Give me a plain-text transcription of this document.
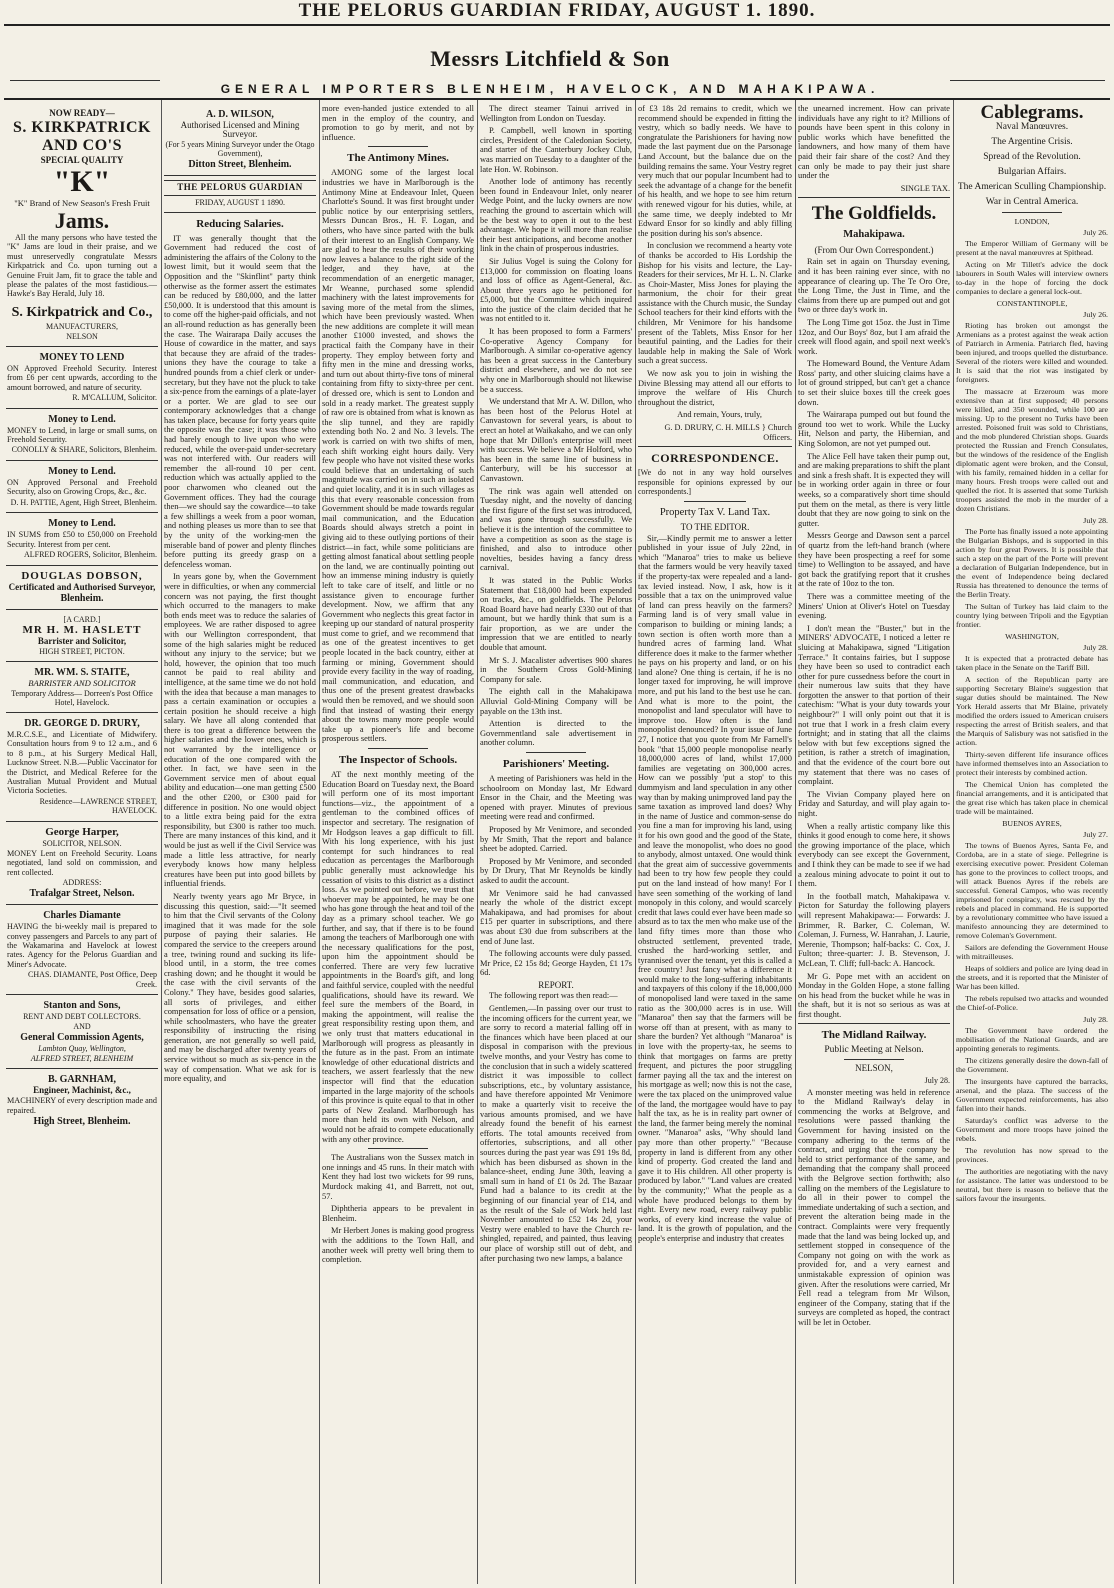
THE PELORUS GUARDIAN FRIDAY, AUGUST 1. 1890.
Messrs Litchfield & Son
GENERAL IMPORTERS BLENHEIM, HAVELOCK, AND MAHAKIPAWA.
NOW READY—
S. KIRKPATRICK AND CO'S
SPECIAL QUALITY
"K"
"K" Brand of New Season's Fresh Fruit
Jams.
All the many persons who have tested the "K" Jams are loud in their praise, and we must unreservedly congratulate Messrs Kirkpatrick and Co. upon turning out a Genuine Fruit Jam, fit to grace the table and please the palates of the most fastidious.—Hawke's Bay Herald, July 18.
S. Kirkpatrick and Co.,
MANUFACTURERS,
NELSON
MONEY TO LEND
ON Approved Freehold Security. Interest from £6 per cent upwards, according to the amount borrowed, and nature of security.
R. M'CALLUM, Solicitor.
Money to Lend.
MONEY to Lend, in large or small sums, on Freehold Security.
CONOLLY & SHARE, Solicitors, Blenheim.
Money to Lend.
ON Approved Personal and Freehold Security, also on Growing Crops, &c., &c.
D. H. PATTIE, Agent, High Street, Blenheim.
Money to Lend.
IN SUMS from £50 to £50,000 on Freehold Security. Interest from per cent.
ALFRED ROGERS, Solicitor, Blenheim.
DOUGLAS DOBSON,
Certificated and Authorised Surveyor,
Blenheim.
[A CARD.]
MR H. M. HASLETT
Barrister and Solicitor,
HIGH STREET, PICTON.
MR. WM. S. STAITE,
BARRISTER AND SOLICITOR
Temporary Address— Dorreen's Post Office Hotel, Havelock.
DR. GEORGE D. DRURY,
M.R.C.S.E., and Licentiate of Midwifery. Consultation hours from 9 to 12 a.m., and 6 to 8 p.m., at his Surgery Medical Hall, Lucknow Street. N.B.—Public Vaccinator for the District, and Medical Referee for the Australian Mutual Provident and Mutual Victoria Societies.
Residence—LAWRENCE STREET, HAVELOCK.
George Harper,
SOLICITOR, NELSON.
MONEY Lent on Freehold Security. Loans negotiated, land sold on commission, and rent collected.
ADDRESS:
Trafalgar Street, Nelson.
Charles Diamante
HAVING the bi-weekly mail is prepared to convey passengers and Parcels to any part of the Wakamarina and Havelock at lowest rates. Agency for the Pelorus Guardian and Miner's Advocate.
CHAS. DIAMANTE, Post Office, Deep Creek.
Stanton and Sons,
RENT AND DEBT COLLECTORS.
AND
General Commission Agents,
Lambton Quay, Wellington,
ALFRED STREET, BLENHEIM
B. GARNHAM,
Engineer, Machinist, &c.,
MACHINERY of every description made and repaired.
High Street, Blenheim.
A. D. WILSON,
Authorised Licensed and Mining Surveyor.
(For 5 years Mining Surveyor under the Otago Government),
Ditton Street, Blenheim.
THE PELORUS GUARDIAN
FRIDAY, AUGUST 1 1890.
Reducing Salaries.

IT was generally thought that the Government had reduced the cost of administering the affairs of the Colony to the lowest limit, but it would seem that the Opposition and the "Skinflint" party think otherwise as the former assert the estimates can be reduced by £80,000, and the latter £50,000. It is understood that this amount is to come off the higher-paid officials, and not an all-round reduction as has generally been the case. The Wairarapa Daily accuses the House of cowardice in the matter, and says that because they are afraid of the trades-unions they have the courage to take a hundred pounds from a chief clerk or under-secretary, but they have not the pluck to take a six-pence from the earnings of a plate-layer or a porter. We are glad to see our contemporary acknowledges that a change has taken place, because for forty years quite the opposite was the case; it was those who had barely enough to live upon who were reduced, while the over-paid under-secretary was not interfered with. Our readers will remember the all-round 10 per cent. reduction which was actually applied to the poor charwomen who cleaned out the Government offices. They had the courage then—we should say the cowardice—to take a few shillings a week from a poor woman, and nothing pleases us more than to see that by the unity of the working-men the miserable band of power and plenty flinches before putting its greedy grasp on a defenceless woman.

In years gone by, when the Government were in difficulties, or when any commercial concern was not paying, the first thought which occurred to the managers to make both ends meet was to reduce the salaries of employees. We are rather disposed to agree with our Wellington correspondent, that some of the high salaries might be reduced without any injury to the service; but we hold, however, the opinion that too much cannot be paid to real ability and intelligence, at the same time we do not hold with the idea that because a man manages to pass a certain examination or occupies a certain position he should receive a high salary. We have all along contended that there is too great a difference between the higher salaries and the lower ones, which is not warranted by the intelligence or education of the one compared with the other. In fact, we have seen in the Government service men of about equal ability and education—one man getting £500 and the other £200, or £300 paid for difference in position. No one would object to a little extra being paid for the extra responsibility, but £300 is rather too much. There are many instances of this kind, and it would be just as well if the Civil Service was made a little less attractive, for nearly everybody knows how many helpless creatures have been put into good billets by influential friends.

Nearly twenty years ago Mr Bryce, in discussing this question, said:—"It seemed to him that the Civil servants of the Colony imagined that it was made for the sole purpose of paying their salaries. He compared the service to the creepers around a tree, twining round and sucking its life-blood until, in a storm, the tree comes crashing down; and he thought it would be the case with the civil servants of the Colony." They have, besides good salaries, all sorts of privileges, and either compensation for loss of office or a pension, while schoolmasters, who have the greater responsibility of instructing the rising generation, are not generally so well paid, and may be discharged after twenty years of service without so much as six-pence in the way of compensation. What we ask for is more equality, and

more even-handed justice extended to all men in the employ of the country, and promotion to go by merit, and not by influence.

The Antimony Mines.

AMONG some of the largest local industries we have in Marlborough is the Antimony Mine at Endeavour Inlet, Queen Charlotte's Sound. It was first brought under public notice by our enterprising settlers, Messrs Duncan Bros., H. F. Logan, and others, who have since parted with the bulk of their interest to an English Company. We are glad to hear the results of their working now leaves a balance to the right side of the ledger, and they have, at the recommendation of an energetic manager, Mr Weanne, purchased some splendid machinery with the latest improvements for saving more of the metal from the slimes, which have been previously wasted. When the new additions are complete it will mean another £1000 invested, and shows the practical faith the Company have in their property. They employ between forty and fifty men in the mine and dressing works, and turn out about thirty-five tons of mineral containing from fifty to sixty-three per cent. of dressed ore, which is sent to London and sold in a ready market. The greatest supply of raw ore is obtained from what is known as the slip tunnel, and they are rapidly extending both No. 2 and No. 3 levels. The work is carried on with two shifts of men, each shift working eight hours daily. Very few people who have not visited these works could believe that an undertaking of such magnitude was carried on in such an isolated and quiet locality, and it is in such villages as this that every reasonable concession from Government should be made towards regular mail communication, and the Education Boards should always stretch a point in giving aid to these outlying portions of their district—in fact, while some politicians are getting almost fanatical about settling people on the land, we are continually pointing out how an immense mining industry is quietly left to take care of itself, and little or no assistance given to encourage further development. Now, we affirm that any Government who neglects this great factor in keeping up our standard of natural prosperity must come to grief, and we recommend that as one of the greatest incentives to get people located in the back country, either at farming or mining, Government should provide every facility in the way of roading, mail communication, and education, and thus one of the present greatest drawbacks would then be removed, and we should soon find that instead of wasting their energy about the towns many more people would take up a pioneer's life and become prosperous settlers.

The Inspector of Schools.

AT the next monthly meeting of the Education Board on Tuesday next, the Board will perform one of its most important functions—viz., the appointment of a gentleman to the combined offices of inspector and secretary. The resignation of Mr Hodgson leaves a gap difficult to fill. With his long experience, with his just contempt for such hindrances to real education as percentages the Marlborough public generally must acknowledge his cessation of visits to this district as a distinct loss. As we pointed out before, we trust that whoever may be appointed, he may be one who has gone through the heat and toil of the day as a primary school teacher. We go further, and say, that if there is to be found among the teachers of Marlborough one with the necessary qualifications for the post, upon him the appointment should be conferred. There are very few lucrative appointments in the Board's gift, and long and faithful service, coupled with the needful qualifications, should have its reward. We feel sure the members of the Board, in making the appointment, will realise the great responsibility resting upon them, and we only trust that matters educational in Marlborough will progress as pleasantly in the future as in the past. From an intimate knowledge of other educational districts and teachers, we assert fearlessly that the new inspector will find that the education imparted in the large majority of the schools of this province is quite equal to that in other parts of New Zealand. Marlborough has more than held its own with Nelson, and would not be afraid to compete educationally with any other province.

The Australians won the Sussex match in one innings and 45 runs. In their match with Kent they had lost two wickets for 99 runs, Murdock making 41, and Barrett, not out, 57.

Diphtheria appears to be prevalent in Blenheim.

Mr Herbert Jones is making good progress with the additions to the Town Hall, and another week will pretty well bring them to completion.

The direct steamer Tainui arrived in Wellington from London on Tuesday.

P. Campbell, well known in sporting circles, President of the Caledonian Society, and starter of the Canterbury Jockey Club, was married on Tuesday to a daughter of the late Hon. W. Robinson.

Another lode of antimony has recently been found in Endeavour Inlet, only nearer Wedge Point, and the lucky owners are now reaching the ground to ascertain which will be the best way to open it out to the best advantage. We hope it will more than realise their best anticipations, and become another link in the chain of prosperous industries.

Sir Julius Vogel is suing the Colony for £13,000 for commission on floating loans and loss of office as Agent-General, &c. About three years ago he petitioned for £5,000, but the Committee which inquired into the justice of the claim decided that he was not entitled to it.

It has been proposed to form a Farmers' Co-operative Agency Company for Marlborough. A similar co-operative agency has been a great success in the Canterbury district and elsewhere, and we do not see why one in Marlborough should not likewise be a success.

We understand that Mr A. W. Dillon, who has been host of the Pelorus Hotel at Canvastown for several years, is about to erect an hotel at Waikakaho, and we can only hope that Mr Dillon's enterprise will meet with success. We believe a Mr Holford, who has been in the same line of business in Canterbury, will be his successor at Canvastown.

The rink was again well attended on Tuesday night, and the novelty of dancing the first figure of the first set was introduced, and was gone through successfully. We believe it is the intention of the committee to have a competition as soon as the stage is finished, and also to introduce other novelties, besides having a fancy dress carnival.

It was stated in the Public Works Statement that £18,000 had been expended on tracks, &c., on goldfields. The Pelorus Road Board have had nearly £330 out of that amount, but we hardly think that sum is a fair proportion, as we are under the impression that we are entitled to nearly double that amount.

Mr S. J. Macalister advertises 900 shares in the Southern Cross Gold-Mining Company for sale.

The eighth call in the Mahakipawa Alluvial Gold-Mining Company will be payable on the 13th inst.

Attention is directed to the Governmentland sale advertisement in another column.

Parishioners' Meeting.

A meeting of Parishioners was held in the schoolroom on Monday last, Mr Edward Ensor in the Chair, and the Meeting was opened with prayer. Minutes of previous meeting were read and confirmed.

Proposed by Mr Venimore, and seconded by Mr Smith, That the report and balance sheet be adopted. Carried.

Proposed by Mr Venimore, and seconded by Dr Drury, That Mr Reynolds be kindly asked to audit the account.

Mr Venimore said he had canvassed nearly the whole of the district except Mahakipawa, and had promises for about £15 per quarter in subscriptions, and there was about £30 due from subscribers at the end of June last.

The following accounts were duly passed. Mr Price, £2 15s 8d; George Hayden, £1 17s 6d.

REPORT.

The following report was then read:—

Gentlemen,—In passing over our trust to the incoming officers for the current year, we are sorry to record a material falling off in the finances which have been placed at our disposal in comparison with the previous twelve months, and your Vestry has come to the conclusion that in such a widely scattered district it was impossible to collect subscriptions, etc., by voluntary assistance, and have therefore appointed Mr Venimore to make a quarterly visit to receive the various amounts promised, and we have already found the benefit of his earnest efforts. The total amounts received from offertories, subscriptions, and all other sources during the past year was £91 19s 8d, which has been disbursed as shown in the balance-sheet, ending June 30th, leaving a small sum in hand of £1 0s 2d. The Bazaar Fund had a balance to its credit at the beginning of our financial year of £14, and as the result of the Sale of Work held last November amounted to £52 14s 2d, your Vestry were enabled to have the Church re-shingled, repaired, and painted, thus leaving our place of worship still out of debt, and after purchasing two new lamps, a balance

of £3 18s 2d remains to credit, which we recommend should be expended in fitting the vestry, which so badly needs. We have to congratulate the Parishioners for having now made the last payment due on the Parsonage Land Account, but the balance due on the building remains the same. Your Vestry regret very much that our popular Incumbent had to seek the advantage of a change for the benefit of his health, and we hope to see him return with renewed vigour for his duties, while, at the same time, we deeply indebted to Mr Edward Ensor for so kindly and ably filling the position during his son's absence.

In conclusion we recommend a hearty vote of thanks be accorded to His Lordship the Bishop for his visits and lecture, the Lay-Readers for their services, Mr H. L. N. Clarke as Choir-Master, Miss Jones for playing the harmonium, the choir for their great assistance with the Church music, the Sunday School teachers for their kind efforts with the children, Mr Venimore for his handsome present of the Tablets, Miss Ensor for her beautiful painting, and the Ladies for their laudable help in making the Sale of Work such a great success.

We now ask you to join in wishing the Divine Blessing may attend all our efforts to improve the welfare of His Church throughout the district,

And remain, Yours, truly,

G. D. DRURY, C. H. MILLS } Church Officers.
CORRESPONDENCE.

[We do not in any way hold ourselves responsible for opinions expressed by our correspondents.]

Property Tax V. Land Tax.
TO THE EDITOR.

Sir,—Kindly permit me to answer a letter published in your issue of July 22nd, in which "Manaroa" tries to make us believe that the farmers would be very heavily taxed if the property-tax were repealed and a land-tax levied instead. Now, I ask, how is it possible that a tax on the unimproved value of land can press heavily on the farmers? Farming land is of very small value in comparison to building or mining lands; a town section is often worth more than a hundred acres of farming land. What difference does it make to the farmer whether he pays on his property and land, or on his land alone? One thing is certain, if he is no longer taxed for improving, he will improve more, and put his land to the best use he can. And what is more to the point, the monopolist and land speculator will have to improve too. How often is the land monopolist denounced? In your issue of June 27, I notice that you quote from Mr Farnell's book "that 15,000 people monopolise nearly 18,000,000 acres of land, whilst 17,000 families are vegetating on 300,000 acres. How can we possibly 'put a stop' to this dummyism and land speculation in any other way than by making unimproved land pay the same taxation as improved land does? Why in the name of Justice and common-sense do you fine a man for improving his land, using it for his own good and the good of the State, and leave the monopolist, who does no good to anybody, almost untaxed. One would think that the great aim of successive governments had been to try how few people they could put on the land instead of how many! For I have seen something of the working of land monopoly in this colony, and would scarcely credit that laws could ever have been made so absurd as to tax the men who make use of the land fifty times more than those who obstructed settlement, prevented trade, crushed the hard-working settler, and tyrannised over the tenant, yet this is called a free country! Just fancy what a difference it would make to the long-suffering inhabitants and taxpayers of this colony if the 18,000,000 of monopolised land were taxed in the same ratio as the 300,000 acres is in use. Will "Manaroa" then say that the farmers will be worse off than at present, with as many to share the burden? Yet although "Manaroa" is in love with the property-tax, he seems to think that mortgages on farms are pretty frequent, and pictures the poor struggling farmer paying all the tax and the interest on his mortgage as well; now this is not the case, were the tax placed on the unimproved value of the land, the mortgagee would have to pay half the tax, as he is in reality part owner of the land, the farmer being merely the nominal owner. "Manaroa" asks, "Why should land pay more than other property." "Because property in land is different from any other kind of property. God created the land and gave it to His children. All other property is produced by labor." "Land values are created by the community;" What the people as a whole have produced belongs to them by right. Every new road, every railway public works, of every kind increase the value of land. It is the growth of population, and the people's enterprise and industry that creates

the unearned increment. How can private individuals have any right to it? Millions of pounds have been spent in this colony in public works which have benefitted the landowners, and how many of them have paid their fair share of the cost? And they can only be made to pay their just share under the

SINGLE TAX.
The Goldfields.
Mahakipawa.
(From Our Own Correspondent.)

Rain set in again on Thursday evening, and it has been raining ever since, with no appearance of clearing up. The Te Oro Ore, the Long Time, the Just in Time, and the claims from there up are pumped out and got two or three day's work in.

The Long Time got 15oz. the Just in Time 12oz, and Our Boys' 8oz, but I am afraid the creek will flood again, and spoil next week's work.

The Homeward Bound, the Venture Adam Ross' party, and other sluicing claims have a lot of ground stripped, but can't get a chance to set their sluice boxes till the creek goes down.

The Wairarapa pumped out but found the ground too wet to work. While the Lucky Hit, Nelson and party, the Hibernian, and King Solomon, are not yet pumped out.

The Alice Fell have taken their pump out, and are making preparations to shift the plant and sink a fresh shaft. It is expected they will be in working order again in three or four weeks, so a comparatively short time should put them on the metal, as there is very little doubt that they are now going to sink on the gutter.

Messrs George and Dawson sent a parcel of quartz from the left-hand branch (where they have been prospecting a reef for some time) to Wellington to be assayed, and have got back the gratifying report that it crushes at the rate of 10oz to the ton.

There was a committee meeting of the Miners' Union at Oliver's Hotel on Tuesday evening.

I don't mean the "Buster," but in the MINERS' ADVOCATE, I noticed a letter re sluicing at Mahakipawa, signed "Litigation Terrace." It contains fairies, but I suppose they have been so used to contradict each other for pure cussedness before the court in their numerous law suits that they have forgotten the answer to that portion of their catechism: "What is your duty towards your neighbour?" I will only point out that it is not true that I work in a fresh claim every fortnight; and in stating that all the claims below with but few exceptions signed the petition, is rather a stretch of imagination, and that the evidence of the court bore out my statement that there was no cases of complaint.

The Vivian Company played here on Friday and Saturday, and will play again to-night.

When a really artistic company like this thinks it good enough to come here, it shows the growing importance of the place, which everybody can see except the Government, and I think they can be made to see if we had a zealous mining advocate to point it out to them.

In the football match, Mahakipawa v. Picton for Saturday the following players will represent Mahakipawa:— Forwards: J. Brimmer, R. Barker, C. Coleman, W. Coleman, J. Furness, W. Hanrahan, J. Laurie, Merenie, Thompson; half-backs: C. Cox, J. Fulton; three-quarter: J. B. Stevenson, J. McLean, T. Cliff; full-back: A. Hancock.

Mr G. Pope met with an accident on Monday in the Golden Hope, a stone falling on his head from the bucket while he was in the shaft, but it is not so serious as was at first thought.

The Midland Railway.
Public Meeting at Nelson.
NELSON,
July 28.

A monster meeting was held in reference to the Midland Railway's delay in commencing the works at Belgrove, and resolutions were passed thanking the Government for having insisted on the company adhering to the terms of the contract, and urging that the company be held to strict performance of the same, and demanding that the company shall proceed with the Belgrove section forthwith; also calling on the members of the Legislature to do all in their power to compel the immediate undertaking of such a section, and prevent the alteration being made in the contract. Complaints were very frequently made that the land was being locked up, and settlement stopped in consequence of the Company not going on with the work as provided for, and a very earnest and unmistakable expression of opinion was given. After the resolutions were carried, Mr Fell read a telegram from Mr Wilson, engineer of the Company, stating that if the surveys are completed as hoped, the contract will be let in October.

Cablegrams.
Naval Manœuvres.
The Argentine Crisis.
Spread of the Revolution.
Bulgarian Affairs.
The American Sculling Championship.
War in Central America.
LONDON,
July 26.

The Emperor William of Germany will be present at the naval manœuvres at Spithead.

Acting on Mr Tillett's advice the dock labourers in South Wales will interview owners to-day in the hope of forcing the dock companies to declare a general lock-out.

CONSTANTINOPLE,
July 26.

Rioting has broken out amongst the Armenians as a protest against the weak action of Patriarch in Armenia. Patriarch fled, having been injured, and troops quelled the disturbance. Several of the rioters were killed and wounded. It is said that the riot was instigated by foreigners.

The massacre at Erzeroum was more extensive than at first supposed; 40 persons were killed, and 350 wounded, while 100 are missing. Up to the present no Turks have been arrested. Poisoned fruit was sold to Christians, and the mob plundered Christian shops. Guards protected the Russian and French Consulates, but the windows of the residence of the English diplomatic agent were broken, and the Consul, with his family, remained hidden in a cellar for many hours. Fresh troops were called out and quelled the riot. It is asserted that some Turkish troopers assisted the mob in the murder of a dozen Christians.

July 28.

The Porte has finally issued a note appointing the Bulgarian Bishops, and is supported in this action by four great Powers. It is possible that such a step on the part of the Porte will prevent a declaration of Bulgarian Independence, but in the event of Independence being declared Russia has threatened to denounce the terms of the Berlin Treaty.

The Sultan of Turkey has laid claim to the country lying between Tripoli and the Egyptian frontier.

WASHINGTON,
July 28.

It is expected that a protracted debate has taken place in the Senate on the Tariff Bill.

A section of the Republican party are supporting Secretary Blaine's suggestion that sugar duties should be maintained. The New York Herald asserts that Mr Blaine, privately modified the orders issued to American cruisers respecting the arrest of British sealers, and that the Marquis of Salisbury was not satisfied in the action.

Thirty-seven different life insurance offices have informed themselves into an Association to protect their interests by combined action.

The Chemical Union has completed the financial arrangements, and it is anticipated that the great rise which has taken place in chemical trade will be maintained.

BUENOS AYRES,
July 27.

The towns of Buenos Ayres, Santa Fe, and Cordoba, are in a state of siege. Pellegrine is exercising executive power. President Coleman has gone to the provinces to collect troops, and will attack Buenos Ayres if the rebels are successful. General Campos, who was recently imprisoned for conspiracy, was rescued by the rebels and placed in command. He is supported by a revolutionary committee who have issued a manifesto announcing they are determined to remove Coleman's Government.

Sailors are defending the Government House with mitrailleuses.

Heaps of soldiers and police are lying dead in the streets, and it is reported that the Minister of War has been killed.

The rebels repulsed two attacks and wounded the Chief-of-Police.

July 28.

The Government have ordered the mobilisation of the National Guards, and are appointing generals to regiments.

The citizens generally desire the down-fall of the Government.

The insurgents have captured the barracks, arsenal, and the plaza. The success of the Government expected reinforcements, has also fallen into their hands.

Saturday's conflict was adverse to the Government and more troops have joined the rebels.

The revolution has now spread to the provinces.

The authorities are negotiating with the navy for assistance. The latter was understood to be neutral, but there is reason to believe that the sailors favour the insurgents.
